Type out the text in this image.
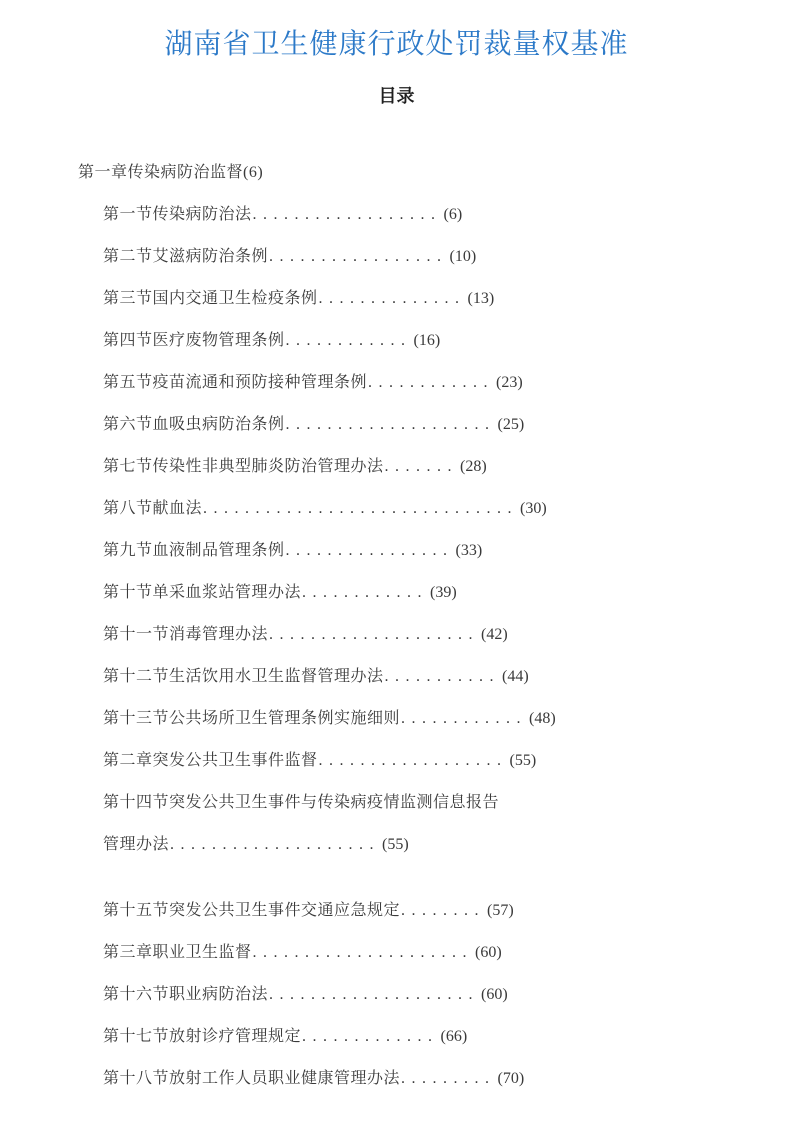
湖南省卫生健康行政处罚裁量权基准
目录
第一章传染病防治监督(6)
第一节传染病防治法.................. (6)
第二节艾滋病防治条例................. (10)
第三节国内交通卫生检疫条例.............. (13)
第四节医疗废物管理条例............ (16)
第五节疫苗流通和预防接种管理条例............ (23)
第六节血吸虫病防治条例.................... (25)
第七节传染性非典型肺炎防治管理办法....... (28)
第八节献血法.............................. (30)
第九节血液制品管理条例................ (33)
第十节单采血浆站管理办法............ (39)
第十一节消毒管理办法.................... (42)
第十二节生活饮用水卫生监督管理办法........... (44)
第十三节公共场所卫生管理条例实施细则............ (48)
第二章突发公共卫生事件监督.................. (55)
第十四节突发公共卫生事件与传染病疫情监测信息报告
管理办法.................... (55)
第十五节突发公共卫生事件交通应急规定........ (57)
第三章职业卫生监督..................... (60)
第十六节职业病防治法.................... (60)
第十七节放射诊疗管理规定............. (66)
第十八节放射工作人员职业健康管理办法......... (70)
